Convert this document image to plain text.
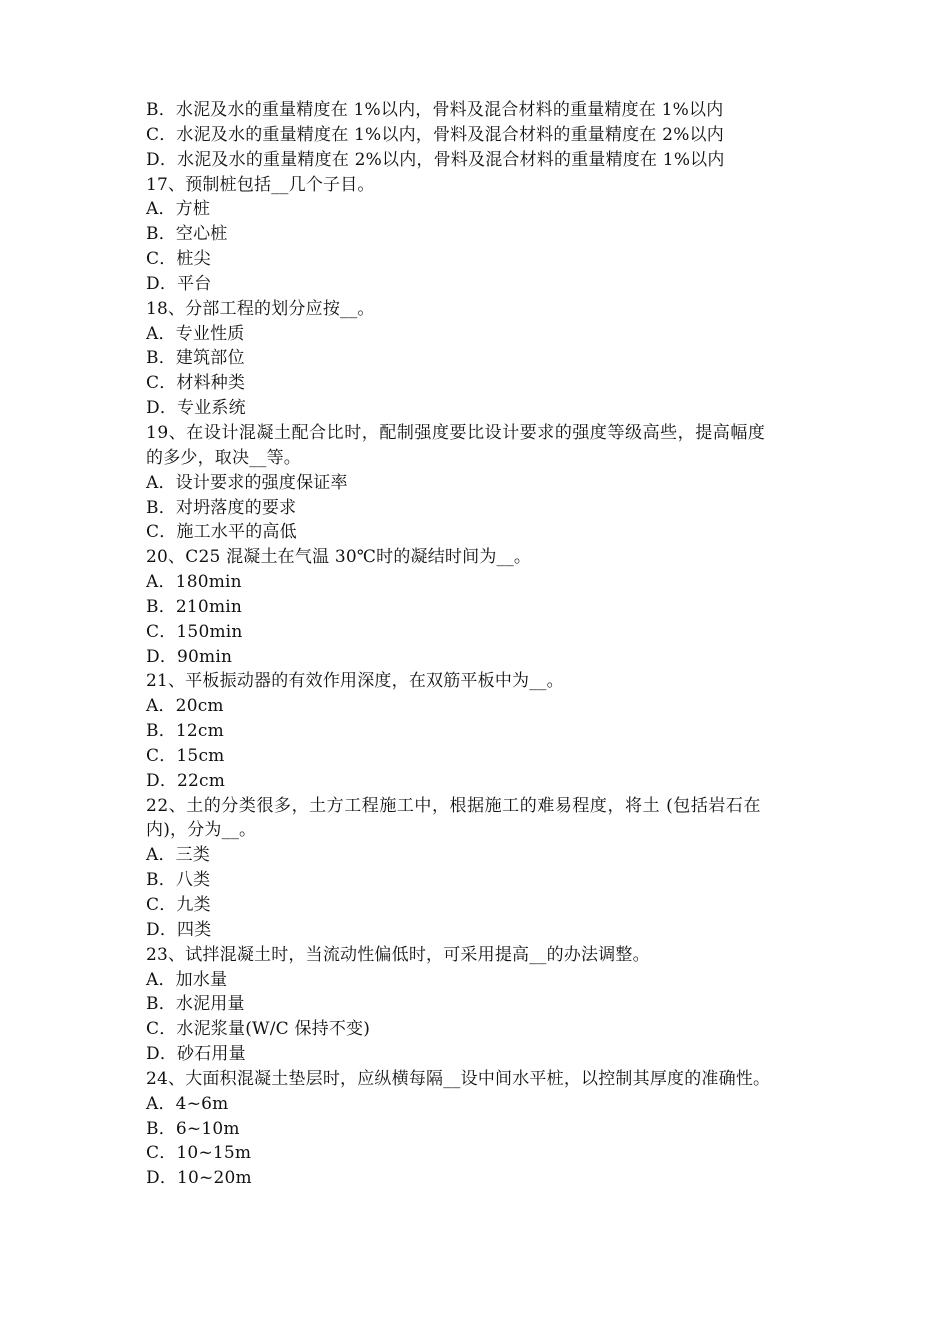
B．水泥及水的重量精度在 1%以内，骨料及混合材料的重量精度在 1%以内
C．水泥及水的重量精度在 1%以内，骨料及混合材料的重量精度在 2%以内
D．水泥及水的重量精度在 2%以内，骨料及混合材料的重量精度在 1%以内
17、预制桩包括__几个子目。
A．方桩
B．空心桩
C．桩尖
D．平台
18、分部工程的划分应按__。
A．专业性质
B．建筑部位
C．材料种类
D．专业系统
19、在设计混凝土配合比时，配制强度要比设计要求的强度等级高些，提高幅度
的多少，取决__等。
A．设计要求的强度保证率
B．对坍落度的要求
C．施工水平的高低
20、C25 混凝土在气温 30℃时的凝结时间为__。
A．180min
B．210min
C．150min
D．90min
21、平板振动器的有效作用深度，在双筋平板中为__。
A．20cm
B．12cm
C．15cm
D．22cm
22、土的分类很多，土方工程施工中，根据施工的难易程度，将土 (包括岩石在
内)，分为__。
A．三类
B．八类
C．九类
D．四类
23、试拌混凝土时，当流动性偏低时，可采用提高__的办法调整。
A．加水量
B．水泥用量
C．水泥浆量(W/C 保持不变)
D．砂石用量
24、大面积混凝土垫层时，应纵横每隔__设中间水平桩，以控制其厚度的准确性。
A．4~6m
B．6~10m
C．10~15m
D．10~20m
